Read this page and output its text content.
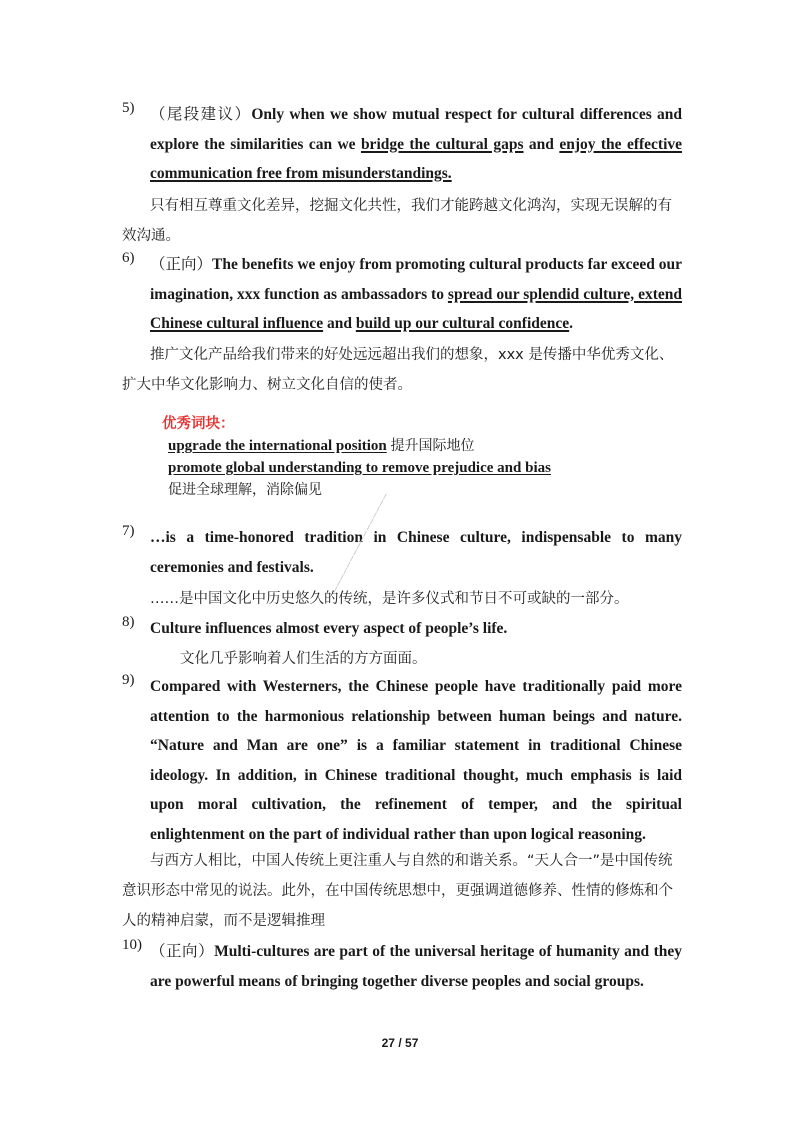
5) （尾段建议）Only when we show mutual respect for cultural differences and explore the similarities can we bridge the cultural gaps and enjoy the effective communication free from misunderstandings.
只有相互尊重文化差异，挖掘文化共性，我们才能跨越文化鸿沟，实现无误解的有效沟通。
6) （正向）The benefits we enjoy from promoting cultural products far exceed our imagination, xxx function as ambassadors to spread our splendid culture, extend Chinese cultural influence and build up our cultural confidence.
推广文化产品给我们带来的好处远远超出我们的想象，xxx 是传播中华优秀文化、扩大中华文化影响力、树立文化自信的使者。
优秀词块：
upgrade the international position 提升国际地位
promote global understanding to remove prejudice and bias
促进全球理解，消除偏见
7) …is a time-honored tradition in Chinese culture, indispensable to many ceremonies and festivals.
……是中国文化中历史悠久的传统，是许多仪式和节日不可或缺的一部分。
8) Culture influences almost every aspect of people’s life.
文化几乎影响着人们生活的方方面面。
9) Compared with Westerners, the Chinese people have traditionally paid more attention to the harmonious relationship between human beings and nature. “Nature and Man are one” is a familiar statement in traditional Chinese ideology. In addition, in Chinese traditional thought, much emphasis is laid upon moral cultivation, the refinement of temper, and the spiritual enlightenment on the part of individual rather than upon logical reasoning.
与西方人相比，中国人传统上更注重人与自然的和谐关系。“天人合一”是中国传统意识形态中常见的说法。此外，在中国传统思想中，更强调道德修养、性情的修炼和个人的精神启蒙，而不是逻辑推理
10) （正向）Multi-cultures are part of the universal heritage of humanity and they are powerful means of bringing together diverse peoples and social groups.
────────────────
27 / 57
